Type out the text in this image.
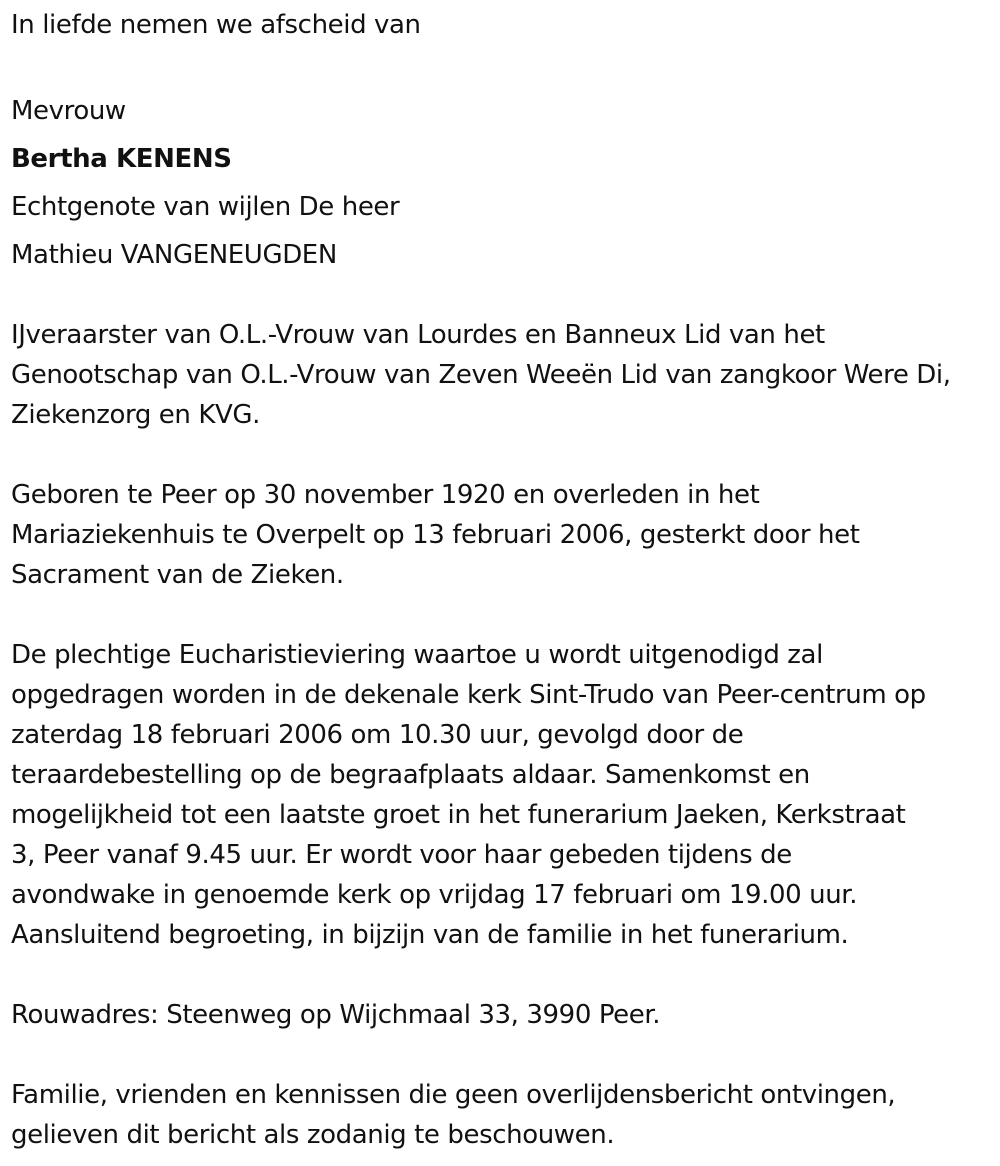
In liefde nemen we afscheid van
Mevrouw
Bertha KENENS
Echtgenote van wijlen De heer
Mathieu VANGENEUGDEN
IJveraarster van O.L.-Vrouw van Lourdes en Banneux Lid van het
Genootschap van O.L.-Vrouw van Zeven Weeën Lid van zangkoor Were Di,
Ziekenzorg en KVG.
Geboren te Peer op 30 november 1920 en overleden in het
Mariaziekenhuis te Overpelt op 13 februari 2006, gesterkt door het
Sacrament van de Zieken.
De plechtige Eucharistieviering waartoe u wordt uitgenodigd zal
opgedragen worden in de dekenale kerk Sint-Trudo van Peer-centrum op
zaterdag 18 februari 2006 om 10.30 uur, gevolgd door de
teraardebestelling op de begraafplaats aldaar. Samenkomst en
mogelijkheid tot een laatste groet in het funerarium Jaeken, Kerkstraat
3, Peer vanaf 9.45 uur. Er wordt voor haar gebeden tijdens de
avondwake in genoemde kerk op vrijdag 17 februari om 19.00 uur.
Aansluitend begroeting, in bijzijn van de familie in het funerarium.
Rouwadres: Steenweg op Wijchmaal 33, 3990 Peer.
Familie, vrienden en kennissen die geen overlijdensbericht ontvingen,
gelieven dit bericht als zodanig te beschouwen.
